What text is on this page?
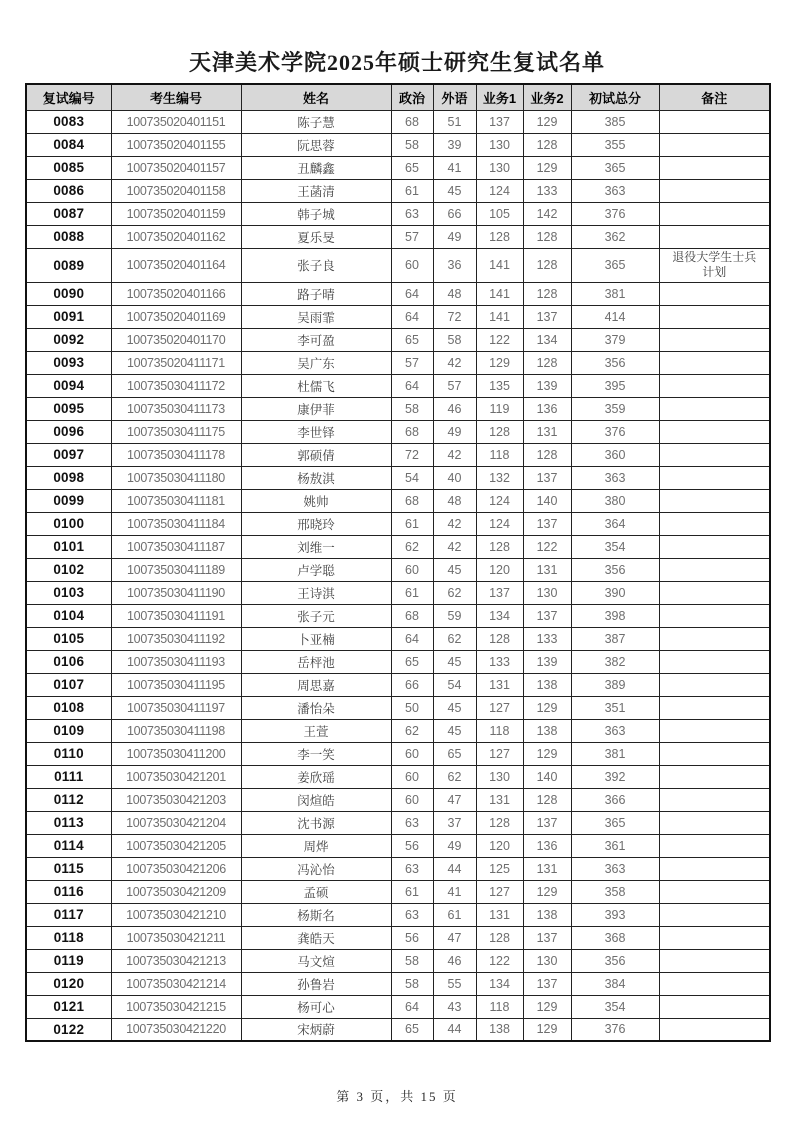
天津美术学院2025年硕士研究生复试名单
复试编号	考生编号	姓名	政治	外语	业务1	业务2	初试总分	备注
0083	100735020401151	陈子慧	68	51	137	129	385	
0084	100735020401155	阮思蓉	58	39	130	128	355	
0085	100735020401157	丑麟鑫	65	41	130	129	365	
0086	100735020401158	王菡清	61	45	124	133	363	
0087	100735020401159	韩子城	63	66	105	142	376	
0088	100735020401162	夏乐旻	57	49	128	128	362	
0089	100735020401164	张子良	60	36	141	128	365	退役大学生士兵计划
0090	100735020401166	路子晴	64	48	141	128	381	
0091	100735020401169	吴雨霏	64	72	141	137	414	
0092	100735020401170	李可盈	65	58	122	134	379	
0093	100735020411171	吴广东	57	42	129	128	356	
0094	100735030411172	杜儒飞	64	57	135	139	395	
0095	100735030411173	康伊菲	58	46	119	136	359	
0096	100735030411175	李世铎	68	49	128	131	376	
0097	100735030411178	郭硕倩	72	42	118	128	360	
0098	100735030411180	杨敖淇	54	40	132	137	363	
0099	100735030411181	姚帅	68	48	124	140	380	
0100	100735030411184	邢晓玲	61	42	124	137	364	
0101	100735030411187	刘维一	62	42	128	122	354	
0102	100735030411189	卢学聪	60	45	120	131	356	
0103	100735030411190	王诗淇	61	62	137	130	390	
0104	100735030411191	张子元	68	59	134	137	398	
0105	100735030411192	卜亚楠	64	62	128	133	387	
0106	100735030411193	岳枰池	65	45	133	139	382	
0107	100735030411195	周思嘉	66	54	131	138	389	
0108	100735030411197	潘怡朵	50	45	127	129	351	
0109	100735030411198	王萱	62	45	118	138	363	
0110	100735030411200	李一笑	60	65	127	129	381	
0111	100735030421201	姜欣瑶	60	62	130	140	392	
0112	100735030421203	闵煊皓	60	47	131	128	366	
0113	100735030421204	沈书源	63	37	128	137	365	
0114	100735030421205	周烨	56	49	120	136	361	
0115	100735030421206	冯沁怡	63	44	125	131	363	
0116	100735030421209	孟硕	61	41	127	129	358	
0117	100735030421210	杨斯名	63	61	131	138	393	
0118	100735030421211	龚皓天	56	47	128	137	368	
0119	100735030421213	马文煊	58	46	122	130	356	
0120	100735030421214	孙鲁岩	58	55	134	137	384	
0121	100735030421215	杨可心	64	43	118	129	354	
0122	100735030421220	宋炳蔚	65	44	138	129	376	
第 3 页，共 15 页
